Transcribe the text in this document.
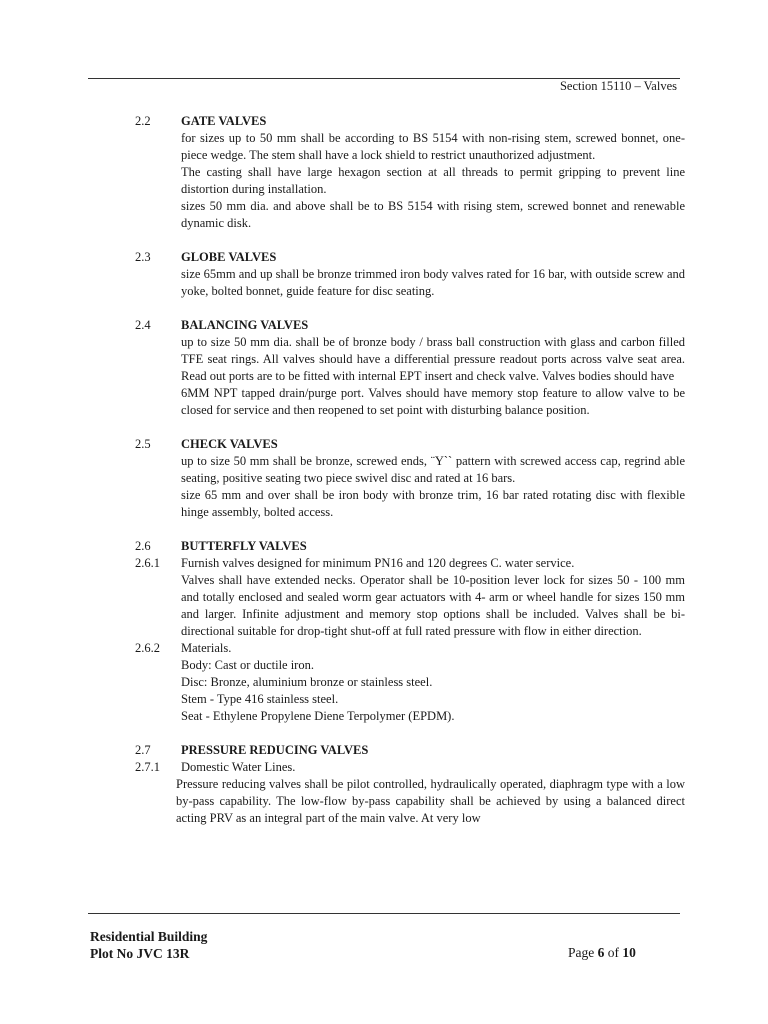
Section 15110 – Valves
2.2 GATE VALVES
for sizes up to 50 mm shall be according to BS 5154 with non-rising stem, screwed bonnet, one-piece wedge. The stem shall have a lock shield to restrict unauthorized adjustment.
The casting shall have large hexagon section at all threads to permit gripping to prevent line distortion during installation.
sizes 50 mm dia. and above shall be to BS 5154 with rising stem, screwed bonnet and renewable dynamic disk.
2.3 GLOBE VALVES
size 65mm and up shall be bronze trimmed iron body valves rated for 16 bar, with outside screw and yoke, bolted bonnet, guide feature for disc seating.
2.4 BALANCING VALVES
up to size 50 mm dia. shall be of bronze body / brass ball construction with glass and carbon filled TFE seat rings. All valves should have a differential pressure readout ports across valve seat area. Read out ports are to be fitted with internal EPT insert and check valve. Valves bodies should have
6MM NPT tapped drain/purge port. Valves should have memory stop feature to allow valve to be closed for service and then reopened to set point with disturbing balance position.
2.5 CHECK VALVES
up to size 50 mm shall be bronze, screwed ends, ¨Y`` pattern with screwed access cap, regrind able seating, positive seating two piece swivel disc and rated at 16 bars.
size 65 mm and over shall be iron body with bronze trim, 16 bar rated rotating disc with flexible hinge assembly, bolted access.
2.6 BUTTERFLY VALVES
2.6.1 Furnish valves designed for minimum PN16 and 120 degrees C. water service.
Valves shall have extended necks. Operator shall be 10-position lever lock for sizes 50 - 100 mm and totally enclosed and sealed worm gear actuators with 4- arm or wheel handle for sizes 150 mm and larger. Infinite adjustment and memory stop options shall be included. Valves shall be bi-directional suitable for drop-tight shut-off at full rated pressure with flow in either direction.
2.6.2 Materials.
Body: Cast or ductile iron.
Disc: Bronze, aluminium bronze or stainless steel.
Stem - Type 416 stainless steel.
Seat - Ethylene Propylene Diene Terpolymer (EPDM).
2.7 PRESSURE REDUCING VALVES
2.7.1 Domestic Water Lines.
Pressure reducing valves shall be pilot controlled, hydraulically operated, diaphragm type with a low by-pass capability. The low-flow by-pass capability shall be achieved by using a balanced direct acting PRV as an integral part of the main valve. At very low
Residential Building
Plot No JVC 13R	Page 6 of 10
